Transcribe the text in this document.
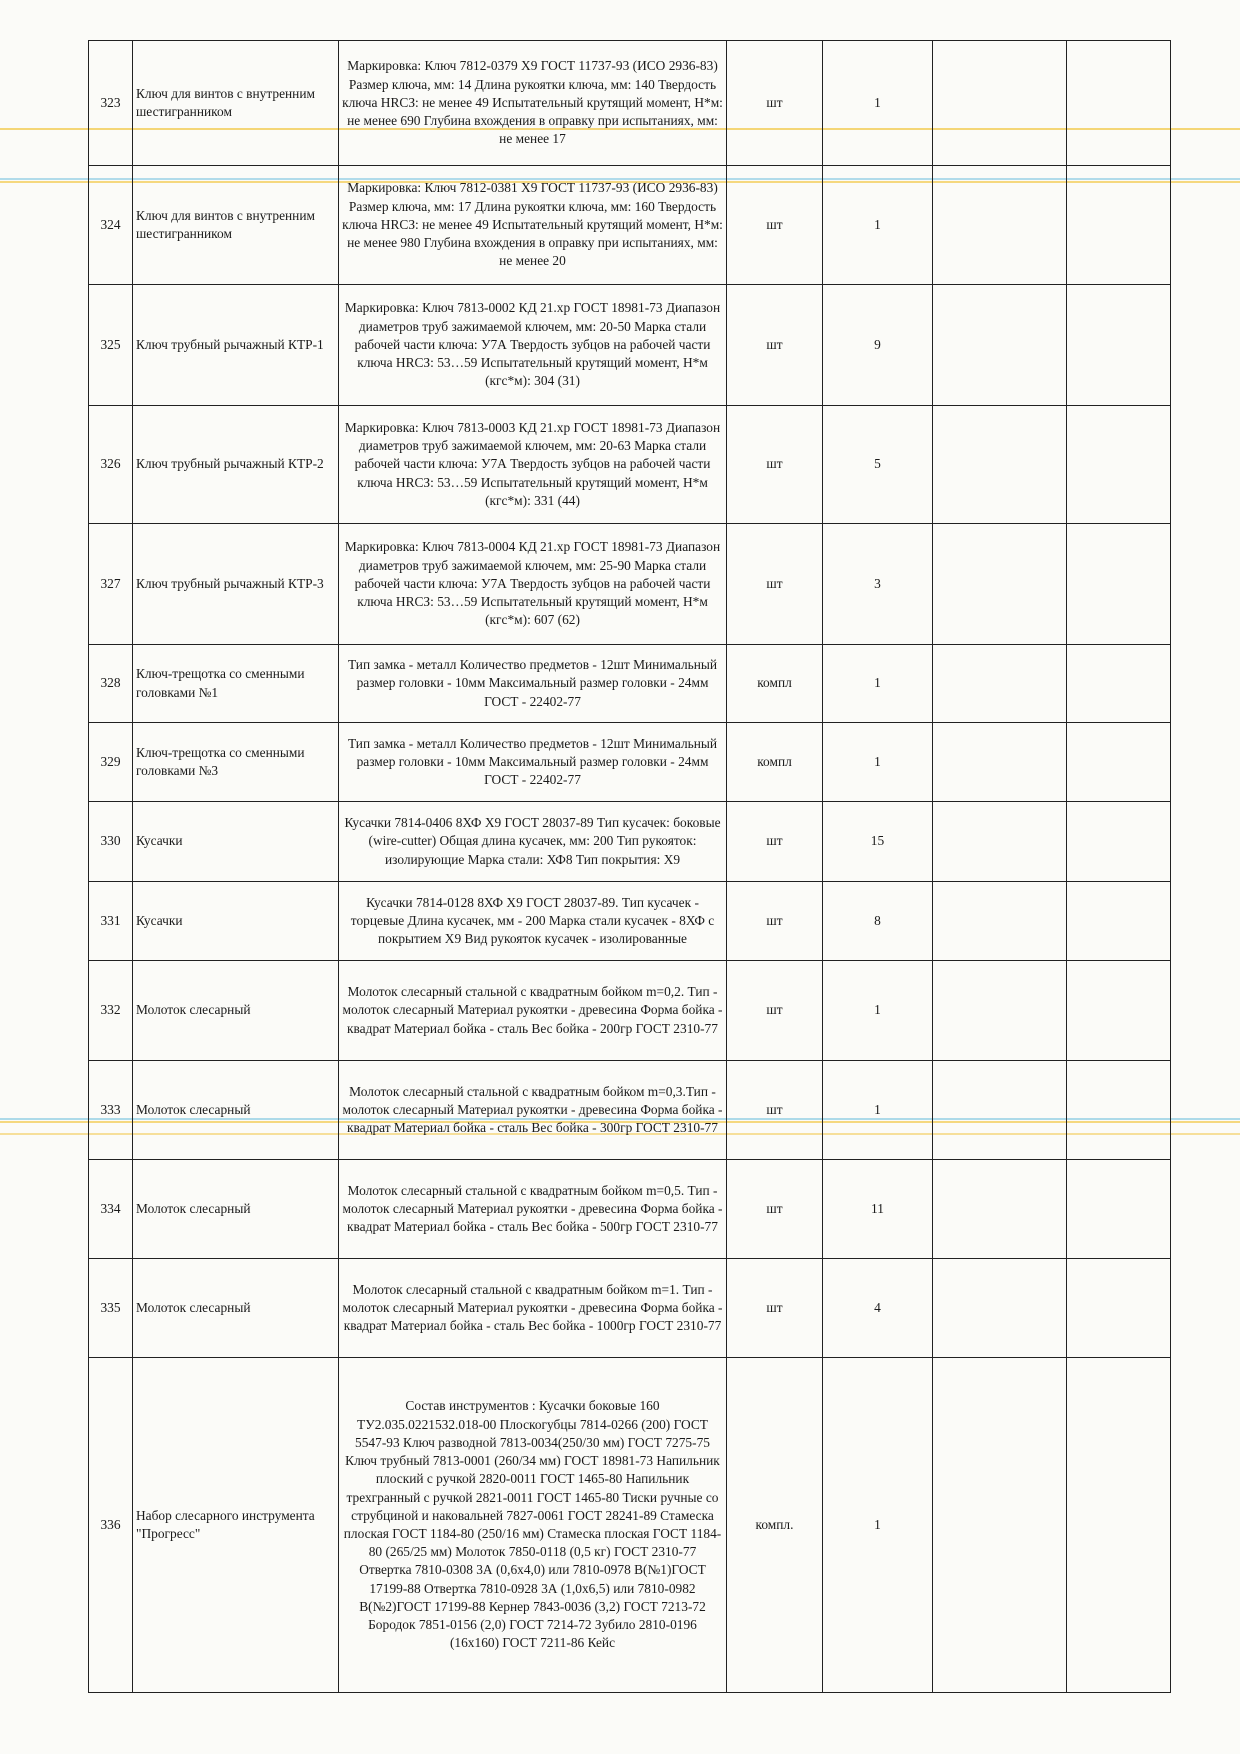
323	Ключ для винтов с внутренним шестигранником	Маркировка: Ключ 7812-0379 Х9 ГОСТ 11737-93 (ИСО 2936-83) Размер ключа, мм: 14 Длина рукоятки ключа, мм: 140 Твердость ключа HRCЗ: не менее 49 Испытательный крутящий момент, Н*м: не менее 690 Глубина вхождения в оправку при испытаниях, мм: не менее 17	шт	1		
324	Ключ для винтов с внутренним шестигранником	Маркировка: Ключ 7812-0381 Х9 ГОСТ 11737-93 (ИСО 2936-83) Размер ключа, мм: 17 Длина рукоятки ключа, мм: 160 Твердость ключа HRCЗ: не менее 49 Испытательный крутящий момент, Н*м: не менее 980 Глубина вхождения в оправку при испытаниях, мм: не менее 20	шт	1		
325	Ключ трубный рычажный КТР-1	Маркировка: Ключ 7813-0002 КД 21.хр ГОСТ 18981-73 Диапазон диаметров труб зажимаемой ключем, мм: 20-50 Марка стали рабочей части ключа: У7А Твердость зубцов на рабочей части ключа HRCЗ: 53…59 Испытательный крутящий момент, Н*м (кгс*м): 304 (31)	шт	9		
326	Ключ трубный рычажный КТР-2	Маркировка: Ключ 7813-0003 КД 21.хр ГОСТ 18981-73 Диапазон диаметров труб зажимаемой ключем, мм: 20-63 Марка стали рабочей части ключа: У7А Твердость зубцов на рабочей части ключа HRCЗ: 53…59 Испытательный крутящий момент, Н*м (кгс*м): 331 (44)	шт	5		
327	Ключ трубный рычажный КТР-3	Маркировка: Ключ 7813-0004 КД 21.хр ГОСТ 18981-73 Диапазон диаметров труб зажимаемой ключем, мм: 25-90 Марка стали рабочей части ключа: У7А Твердость зубцов на рабочей части ключа HRCЗ: 53…59 Испытательный крутящий момент, Н*м (кгс*м): 607 (62)	шт	3		
328	Ключ-трещотка со сменными головками №1	Тип замка - металл Количество предметов - 12шт Минимальный размер головки - 10мм Максимальный размер головки - 24мм ГОСТ - 22402-77	компл	1		
329	Ключ-трещотка со сменными головками №3	Тип замка - металл Количество предметов - 12шт Минимальный размер головки - 10мм Максимальный размер головки - 24мм ГОСТ - 22402-77	компл	1		
330	Кусачки	Кусачки 7814-0406 8ХФ Х9 ГОСТ 28037-89 Тип кусачек: боковые (wire-cutter) Общая длина кусачек, мм: 200 Тип рукояток: изолирующие Марка стали: ХФ8 Тип покрытия: Х9	шт	15		
331	Кусачки	Кусачки 7814-0128 8ХФ Х9 ГОСТ 28037-89. Тип кусачек - торцевые Длина кусачек, мм - 200 Марка стали кусачек - 8ХФ с покрытием Х9 Вид рукояток кусачек - изолированные	шт	8		
332	Молоток слесарный	Молоток слесарный стальной с квадратным бойком m=0,2. Тип - молоток слесарный Материал рукоятки - древесина Форма бойка - квадрат Материал бойка - сталь Вес бойка - 200гр ГОСТ 2310-77	шт	1		
333	Молоток слесарный	Молоток слесарный стальной с квадратным бойком m=0,3.Тип - молоток слесарный Материал рукоятки - древесина Форма бойка - квадрат Материал бойка - сталь Вес бойка - 300гр ГОСТ 2310-77	шт	1		
334	Молоток слесарный	Молоток слесарный стальной с квадратным бойком m=0,5. Тип - молоток слесарный Материал рукоятки - древесина Форма бойка - квадрат Материал бойка - сталь Вес бойка - 500гр ГОСТ 2310-77	шт	11		
335	Молоток слесарный	Молоток слесарный стальной с квадратным бойком m=1. Тип - молоток слесарный Материал рукоятки - древесина Форма бойка - квадрат Материал бойка - сталь Вес бойка - 1000гр ГОСТ 2310-77	шт	4		
336	Набор слесарного инструмента "Прогресс"	Состав инструментов : Кусачки боковые 160 ТУ2.035.0221532.018-00 Плоскогубцы 7814-0266 (200) ГОСТ 5547-93 Ключ разводной 7813-0034(250/30 мм) ГОСТ 7275-75 Ключ трубный 7813-0001 (260/34 мм) ГОСТ 18981-73 Напильник плоский с ручкой 2820-0011 ГОСТ 1465-80 Напильник трехгранный с ручкой 2821-0011 ГОСТ 1465-80 Тиски ручные со струбциной и наковальней 7827-0061 ГОСТ 28241-89 Стамеска плоская ГОСТ 1184-80 (250/16 мм) Стамеска плоская ГОСТ 1184-80 (265/25 мм) Молоток 7850-0118 (0,5 кг) ГОСТ 2310-77 Отвертка 7810-0308 3А (0,6х4,0) или 7810-0978 В(№1)ГОСТ 17199-88 Отвертка 7810-0928 3А (1,0х6,5) или 7810-0982 В(№2)ГОСТ 17199-88 Кернер 7843-0036 (3,2) ГОСТ 7213-72 Бородок 7851-0156 (2,0) ГОСТ 7214-72 Зубило 2810-0196 (16х160) ГОСТ 7211-86 Кейс	компл.	1		
